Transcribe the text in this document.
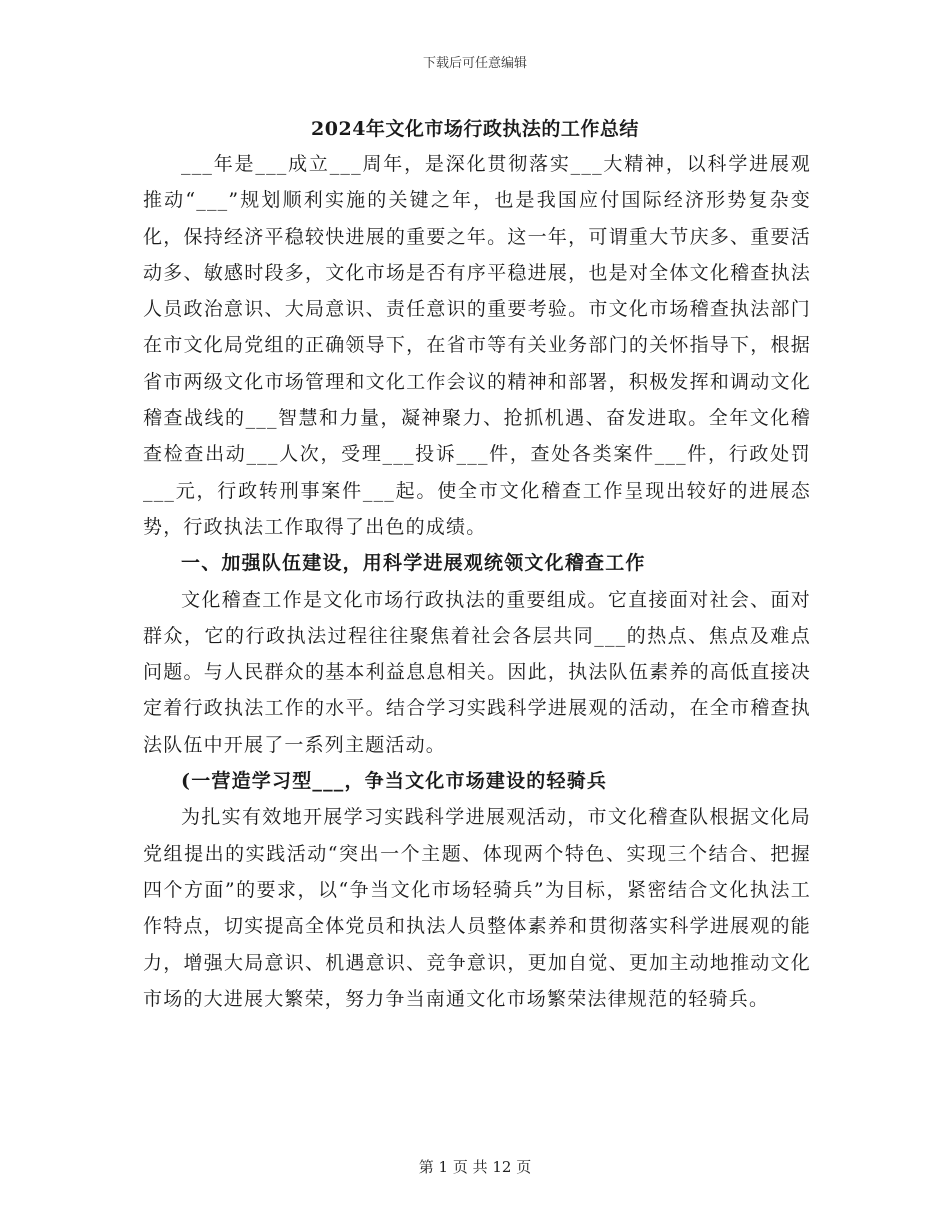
下载后可任意编辑
2024年文化市场行政执法的工作总结

___年是___成立___周年，是深化贯彻落实___大精神，以科学进展观推动“___”规划顺利实施的关键之年，也是我国应付国际经济形势复杂变化，保持经济平稳较快进展的重要之年。这一年，可谓重大节庆多、重要活动多、敏感时段多，文化市场是否有序平稳进展，也是对全体文化稽查执法人员政治意识、大局意识、责任意识的重要考验。市文化市场稽查执法部门在市文化局党组的正确领导下，在省市等有关业务部门的关怀指导下，根据省市两级文化市场管理和文化工作会议的精神和部署，积极发挥和调动文化稽查战线的___智慧和力量，凝神聚力、抢抓机遇、奋发进取。全年文化稽查检查出动___人次，受理___投诉___件，查处各类案件___件，行政处罚___元，行政转刑事案件___起。使全市文化稽查工作呈现出较好的进展态势，行政执法工作取得了出色的成绩。

一、加强队伍建设，用科学进展观统领文化稽查工作

文化稽查工作是文化市场行政执法的重要组成。它直接面对社会、面对群众，它的行政执法过程往往聚焦着社会各层共同___的热点、焦点及难点问题。与人民群众的基本利益息息相关。因此，执法队伍素养的高低直接决定着行政执法工作的水平。结合学习实践科学进展观的活动，在全市稽查执法队伍中开展了一系列主题活动。

(一营造学习型___，争当文化市场建设的轻骑兵

为扎实有效地开展学习实践科学进展观活动，市文化稽查队根据文化局党组提出的实践活动“突出一个主题、体现两个特色、实现三个结合、把握四个方面”的要求，以“争当文化市场轻骑兵”为目标，紧密结合文化执法工作特点，切实提高全体党员和执法人员整体素养和贯彻落实科学进展观的能力，增强大局意识、机遇意识、竞争意识，更加自觉、更加主动地推动文化市场的大进展大繁荣，努力争当南通文化市场繁荣法律规范的轻骑兵。

第 1 页 共 12 页
